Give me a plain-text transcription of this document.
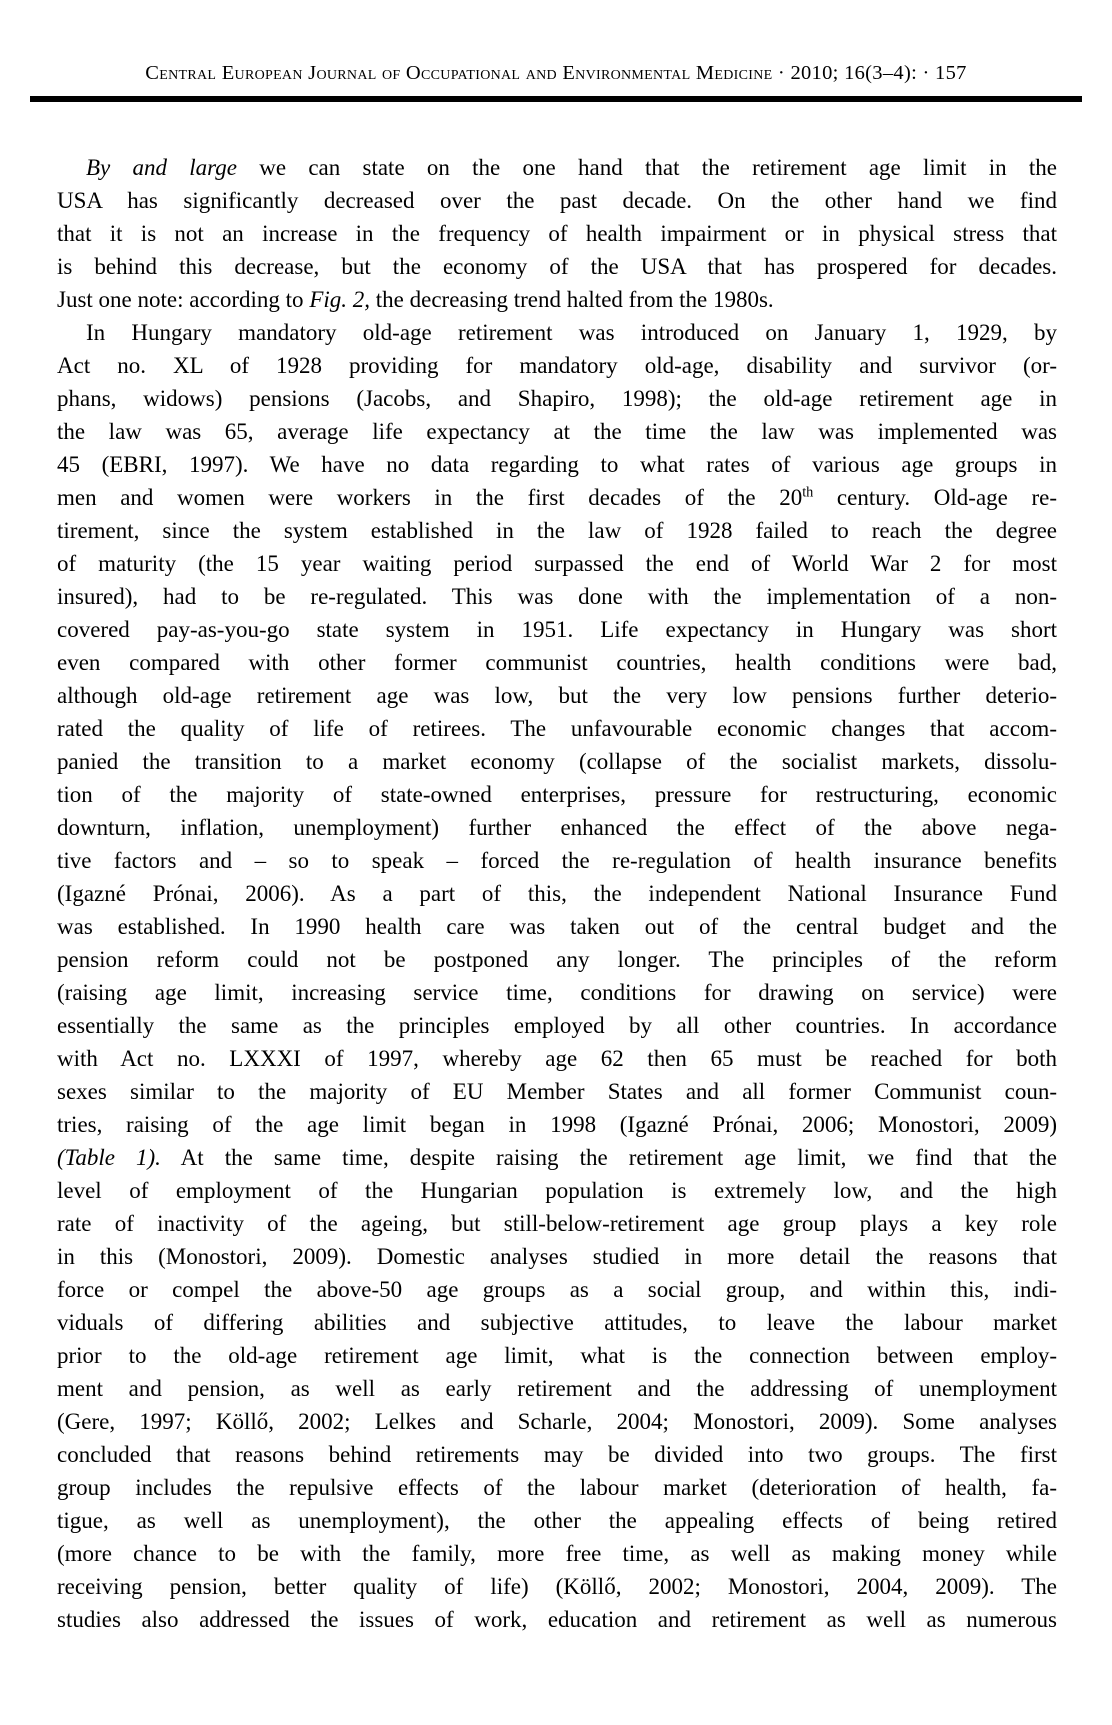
Central European Journal of Occupational and Environmental Medicine · 2010; 16(3–4): · 157
By and large we can state on the one hand that the retirement age limit in the
USA has significantly decreased over the past decade. On the other hand we find
that it is not an increase in the frequency of health impairment or in physical stress that
is behind this decrease, but the economy of the USA that has prospered for decades.
Just one note: according to Fig. 2, the decreasing trend halted from the 1980s.
In Hungary mandatory old-age retirement was introduced on January 1, 1929, by
Act no. XL of 1928 providing for mandatory old-age, disability and survivor (or-
phans, widows) pensions (Jacobs, and Shapiro, 1998); the old-age retirement age in
the law was 65, average life expectancy at the time the law was implemented was
45 (EBRI, 1997). We have no data regarding to what rates of various age groups in
men and women were workers in the first decades of the 20th century. Old-age re-
tirement, since the system established in the law of 1928 failed to reach the degree
of maturity (the 15 year waiting period surpassed the end of World War 2 for most
insured), had to be re-regulated. This was done with the implementation of a non-
covered pay-as-you-go state system in 1951. Life expectancy in Hungary was short
even compared with other former communist countries, health conditions were bad,
although old-age retirement age was low, but the very low pensions further deterio-
rated the quality of life of retirees. The unfavourable economic changes that accom-
panied the transition to a market economy (collapse of the socialist markets, dissolu-
tion of the majority of state-owned enterprises, pressure for restructuring, economic
downturn, inflation, unemployment) further enhanced the effect of the above nega-
tive factors and – so to speak – forced the re-regulation of health insurance benefits
(Igazné Prónai, 2006). As a part of this, the independent National Insurance Fund
was established. In 1990 health care was taken out of the central budget and the
pension reform could not be postponed any longer. The principles of the reform
(raising age limit, increasing service time, conditions for drawing on service) were
essentially the same as the principles employed by all other countries. In accordance
with Act no. LXXXI of 1997, whereby age 62 then 65 must be reached for both
sexes similar to the majority of EU Member States and all former Communist coun-
tries, raising of the age limit began in 1998 (Igazné Prónai, 2006; Monostori, 2009)
(Table 1). At the same time, despite raising the retirement age limit, we find that the
level of employment of the Hungarian population is extremely low, and the high
rate of inactivity of the ageing, but still-below-retirement age group plays a key role
in this (Monostori, 2009). Domestic analyses studied in more detail the reasons that
force or compel the above-50 age groups as a social group, and within this, indi-
viduals of differing abilities and subjective attitudes, to leave the labour market
prior to the old-age retirement age limit, what is the connection between employ-
ment and pension, as well as early retirement and the addressing of unemployment
(Gere, 1997; Köllő, 2002; Lelkes and Scharle, 2004; Monostori, 2009). Some analyses
concluded that reasons behind retirements may be divided into two groups. The first
group includes the repulsive effects of the labour market (deterioration of health, fa-
tigue, as well as unemployment), the other the appealing effects of being retired
(more chance to be with the family, more free time, as well as making money while
receiving pension, better quality of life) (Köllő, 2002; Monostori, 2004, 2009). The
studies also addressed the issues of work, education and retirement as well as numerous
